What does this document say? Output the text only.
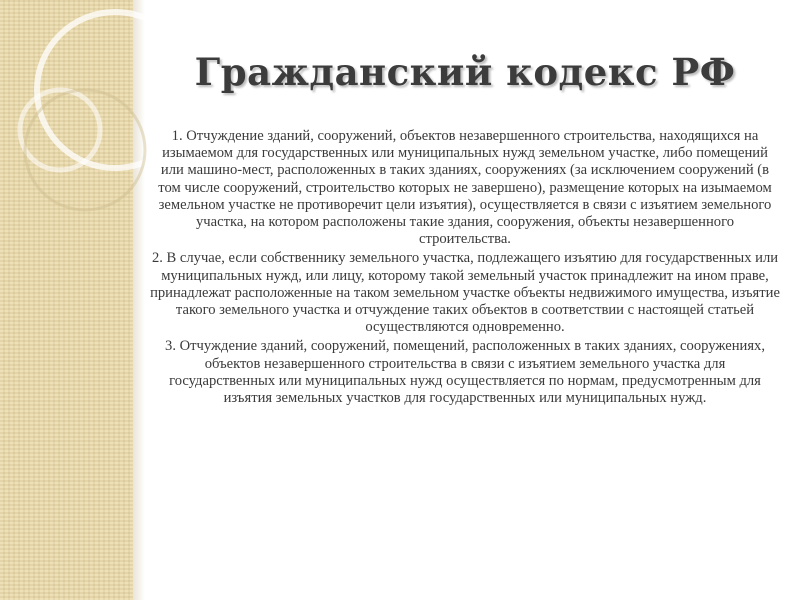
Гражданский кодекс РФ

1. Отчуждение зданий, сооружений, объектов незавершенного строительства, находящихся на изымаемом для государственных или муниципальных нужд земельном участке, либо помещений или машино-мест, расположенных в таких зданиях, сооружениях (за исключением сооружений (в том числе сооружений, строительство которых не завершено), размещение которых на изымаемом земельном участке не противоречит цели изъятия), осуществляется в связи с изъятием земельного участка, на котором расположены такие здания, сооружения, объекты незавершенного строительства.

2. В случае, если собственнику земельного участка, подлежащего изъятию для государственных или муниципальных нужд, или лицу, которому такой земельный участок принадлежит на ином праве, принадлежат расположенные на таком земельном участке объекты недвижимого имущества, изъятие такого земельного участка и отчуждение таких объектов в соответствии с настоящей статьей осуществляются одновременно.

3. Отчуждение зданий, сооружений, помещений, расположенных в таких зданиях, сооружениях, объектов незавершенного строительства в связи с изъятием земельного участка для государственных или муниципальных нужд осуществляется по нормам, предусмотренным для изъятия земельных участков для государственных или муниципальных нужд.
